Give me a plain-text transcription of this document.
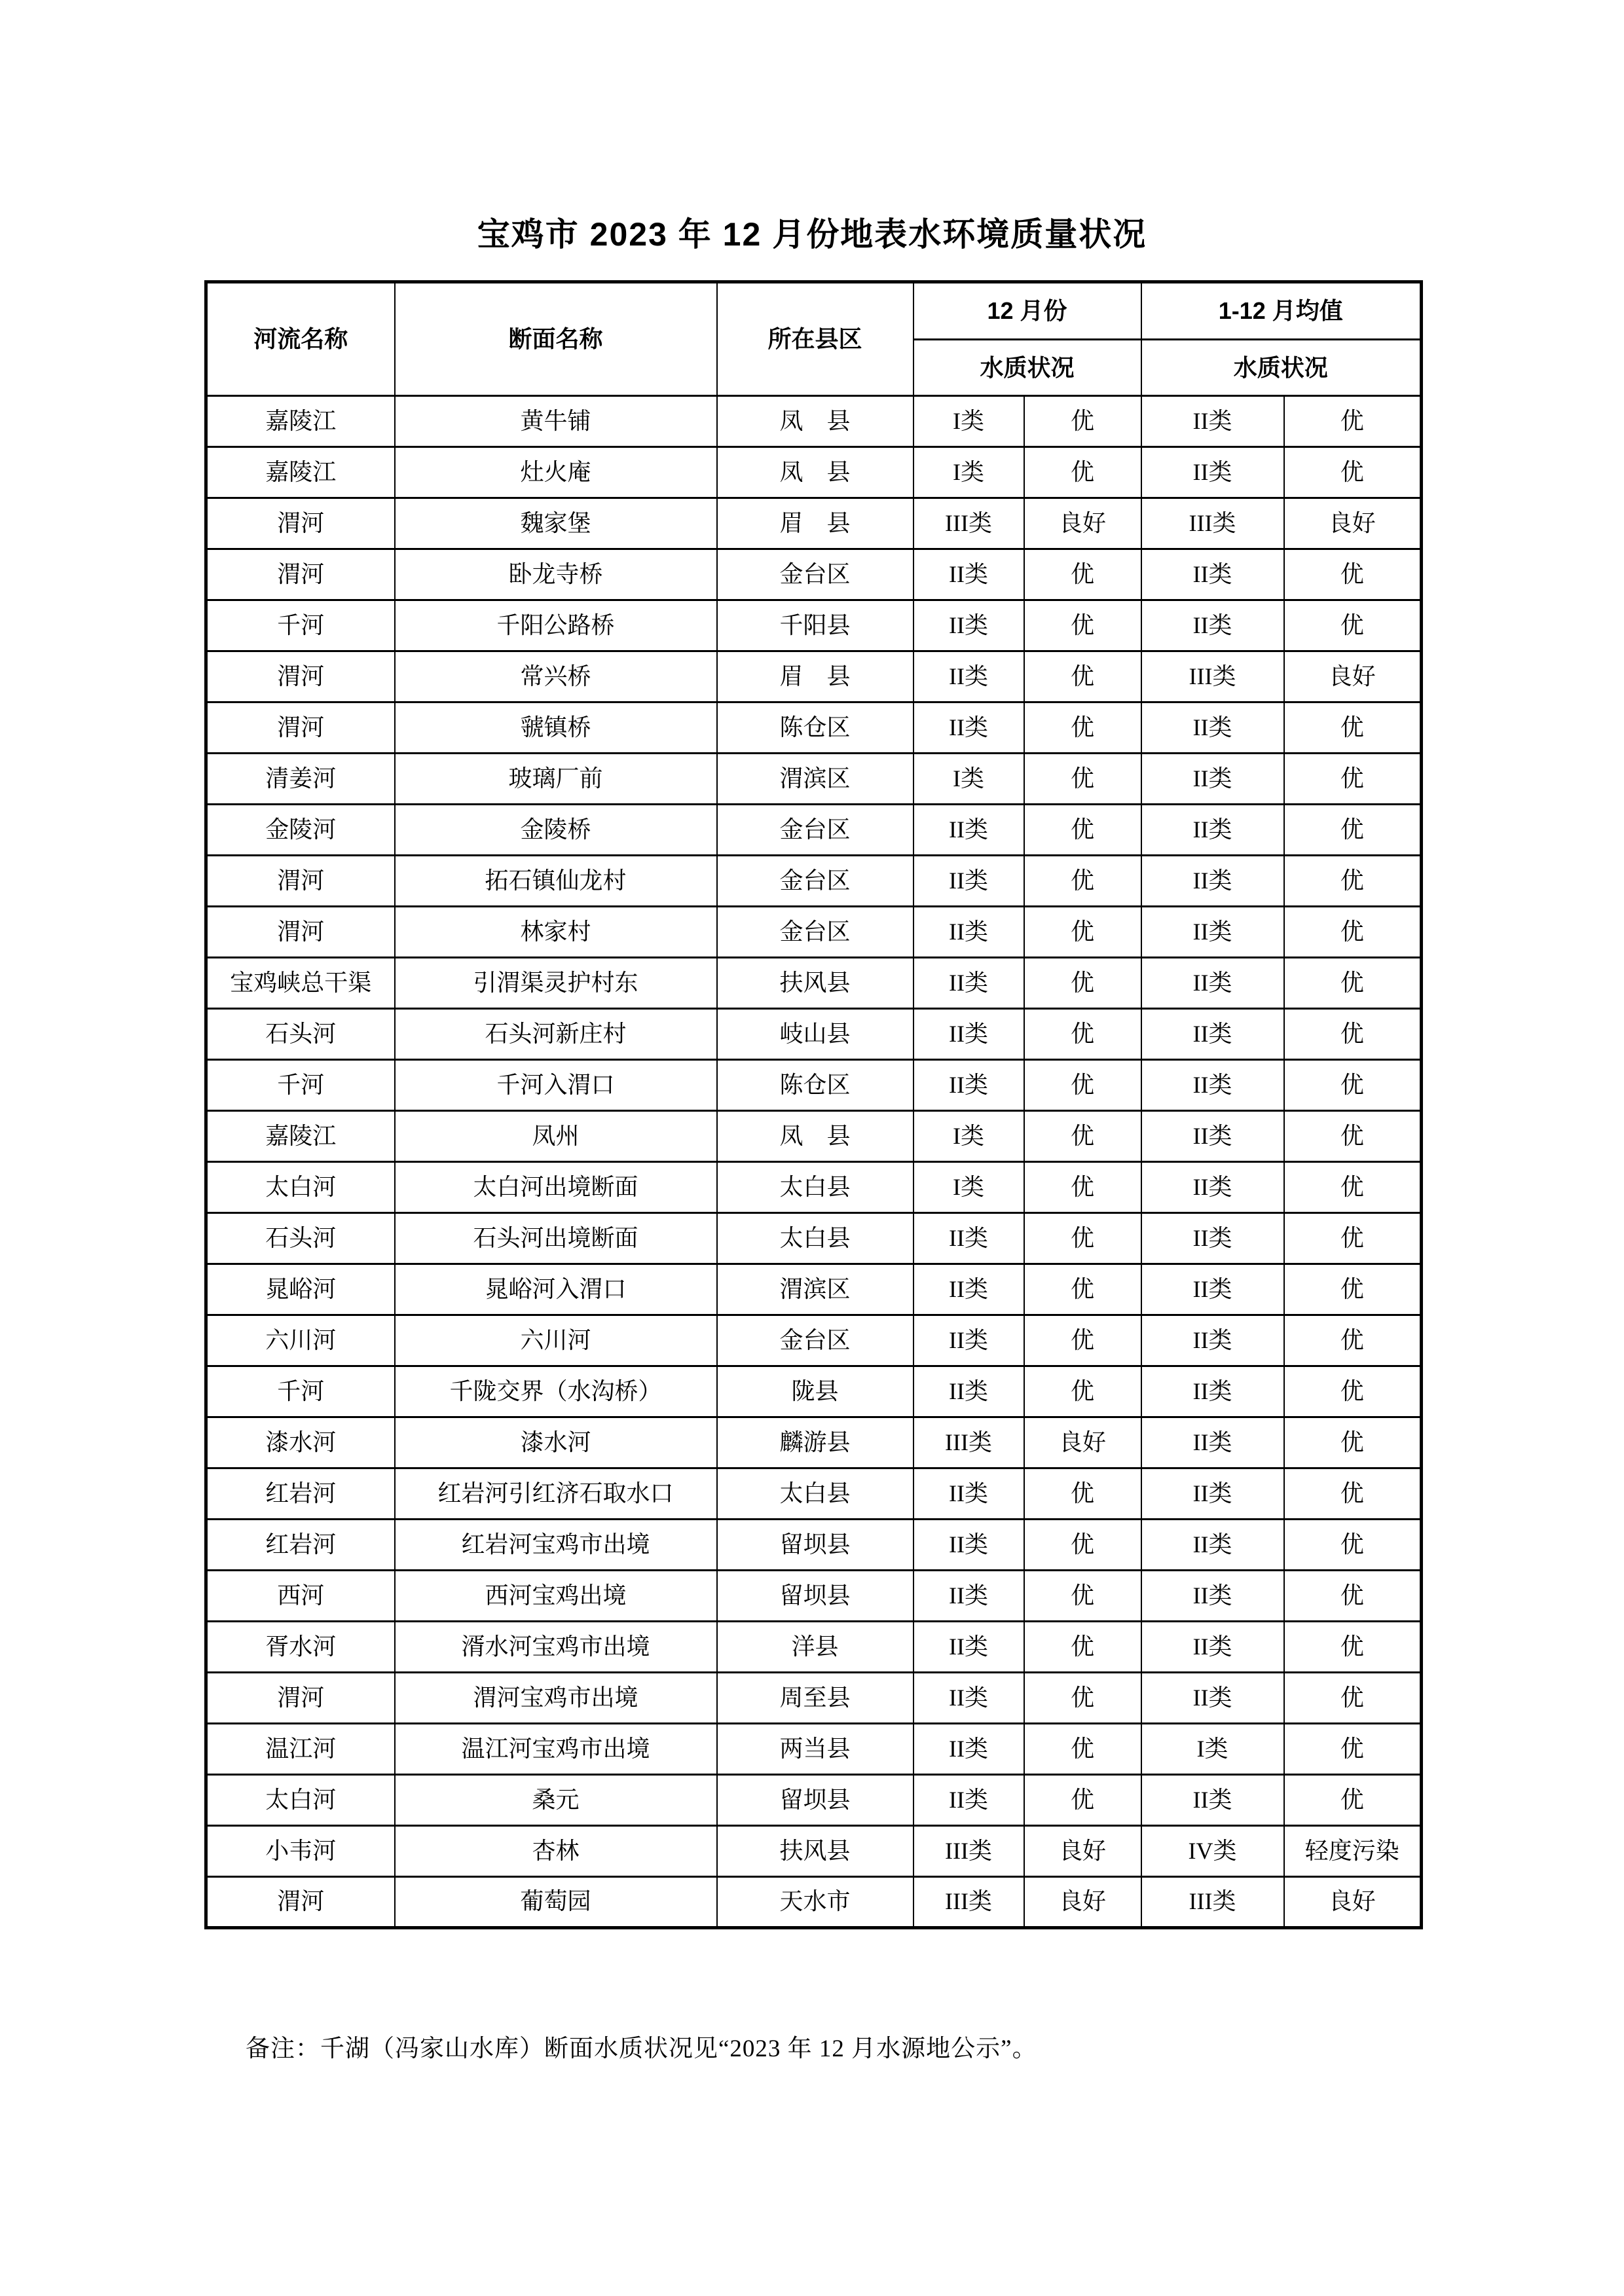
宝鸡市 2023 年 12 月份地表水环境质量状况
河流名称	断面名称	所在县区	12 月份		1-12 月均值	
			水质状况		水质状况	
嘉陵江	黄牛铺	凤　县	I类	优	II类	优
嘉陵江	灶火庵	凤　县	I类	优	II类	优
渭河	魏家堡	眉　县	III类	良好	III类	良好
渭河	卧龙寺桥	金台区	II类	优	II类	优
千河	千阳公路桥	千阳县	II类	优	II类	优
渭河	常兴桥	眉　县	II类	优	III类	良好
渭河	虢镇桥	陈仓区	II类	优	II类	优
清姜河	玻璃厂前	渭滨区	I类	优	II类	优
金陵河	金陵桥	金台区	II类	优	II类	优
渭河	拓石镇仙龙村	金台区	II类	优	II类	优
渭河	林家村	金台区	II类	优	II类	优
宝鸡峡总干渠	引渭渠灵护村东	扶风县	II类	优	II类	优
石头河	石头河新庄村	岐山县	II类	优	II类	优
千河	千河入渭口	陈仓区	II类	优	II类	优
嘉陵江	凤州	凤　县	I类	优	II类	优
太白河	太白河出境断面	太白县	I类	优	II类	优
石头河	石头河出境断面	太白县	II类	优	II类	优
晁峪河	晁峪河入渭口	渭滨区	II类	优	II类	优
六川河	六川河	金台区	II类	优	II类	优
千河	千陇交界（水沟桥）	陇县	II类	优	II类	优
漆水河	漆水河	麟游县	III类	良好	II类	优
红岩河	红岩河引红济石取水口	太白县	II类	优	II类	优
红岩河	红岩河宝鸡市出境	留坝县	II类	优	II类	优
西河	西河宝鸡出境	留坝县	II类	优	II类	优
胥水河	湑水河宝鸡市出境	洋县	II类	优	II类	优
渭河	渭河宝鸡市出境	周至县	II类	优	II类	优
温江河	温江河宝鸡市出境	两当县	II类	优	I类	优
太白河	桑元	留坝县	II类	优	II类	优
小韦河	杏林	扶风县	III类	良好	IV类	轻度污染
渭河	葡萄园	天水市	III类	良好	III类	良好
备注：千湖（冯家山水库）断面水质状况见“2023 年 12 月水源地公示”。
